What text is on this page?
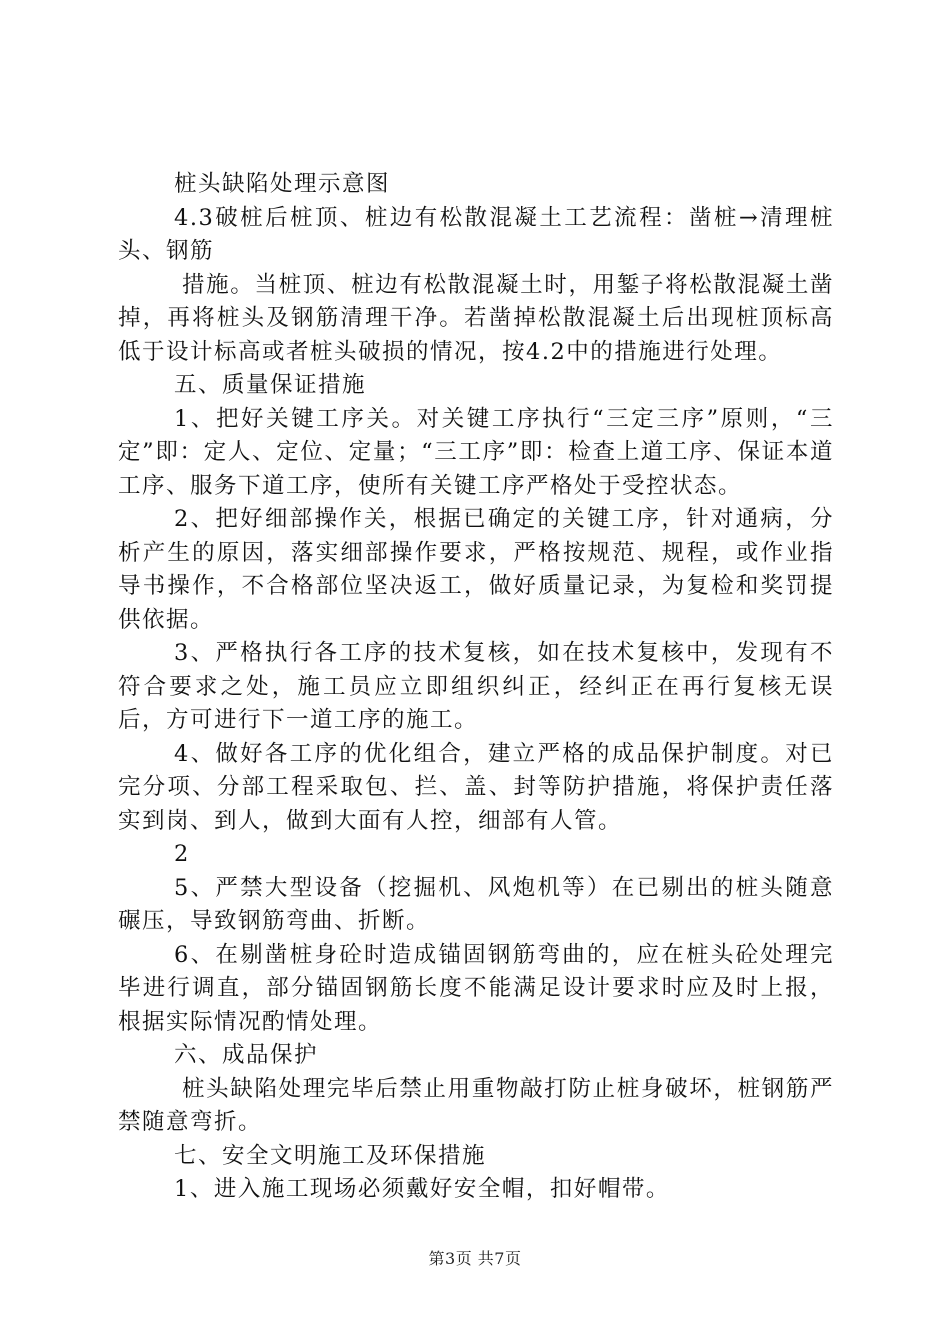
桩头缺陷处理示意图

4.3破桩后桩顶、桩边有松散混凝土工艺流程：凿桩→清理桩头、钢筋

措施。当桩顶、桩边有松散混凝土时，用錾子将松散混凝土凿掉，再将桩头及钢筋清理干净。若凿掉松散混凝土后出现桩顶标高低于设计标高或者桩头破损的情况，按4.2中的措施进行处理。

五、质量保证措施

1、把好关键工序关。对关键工序执行“三定三序”原则，“三定”即：定人、定位、定量；“三工序”即：检查上道工序、保证本道工序、服务下道工序，使所有关键工序严格处于受控状态。

2、把好细部操作关，根据已确定的关键工序，针对通病，分析产生的原因，落实细部操作要求，严格按规范、规程，或作业指导书操作，不合格部位坚决返工，做好质量记录，为复检和奖罚提供依据。

3、严格执行各工序的技术复核，如在技术复核中，发现有不符合要求之处，施工员应立即组织纠正，经纠正在再行复核无误后，方可进行下一道工序的施工。

4、做好各工序的优化组合，建立严格的成品保护制度。对已完分项、分部工程采取包、拦、盖、封等防护措施，将保护责任落实到岗、到人，做到大面有人控，细部有人管。

2

5、严禁大型设备（挖掘机、风炮机等）在已剔出的桩头随意碾压，导致钢筋弯曲、折断。

6、在剔凿桩身砼时造成锚固钢筋弯曲的，应在桩头砼处理完毕进行调直，部分锚固钢筋长度不能满足设计要求时应及时上报，根据实际情况酌情处理。

六、成品保护

桩头缺陷处理完毕后禁止用重物敲打防止桩身破坏，桩钢筋严禁随意弯折。

七、安全文明施工及环保措施

1、进入施工现场必须戴好安全帽，扣好帽带。

第3页 共7页
